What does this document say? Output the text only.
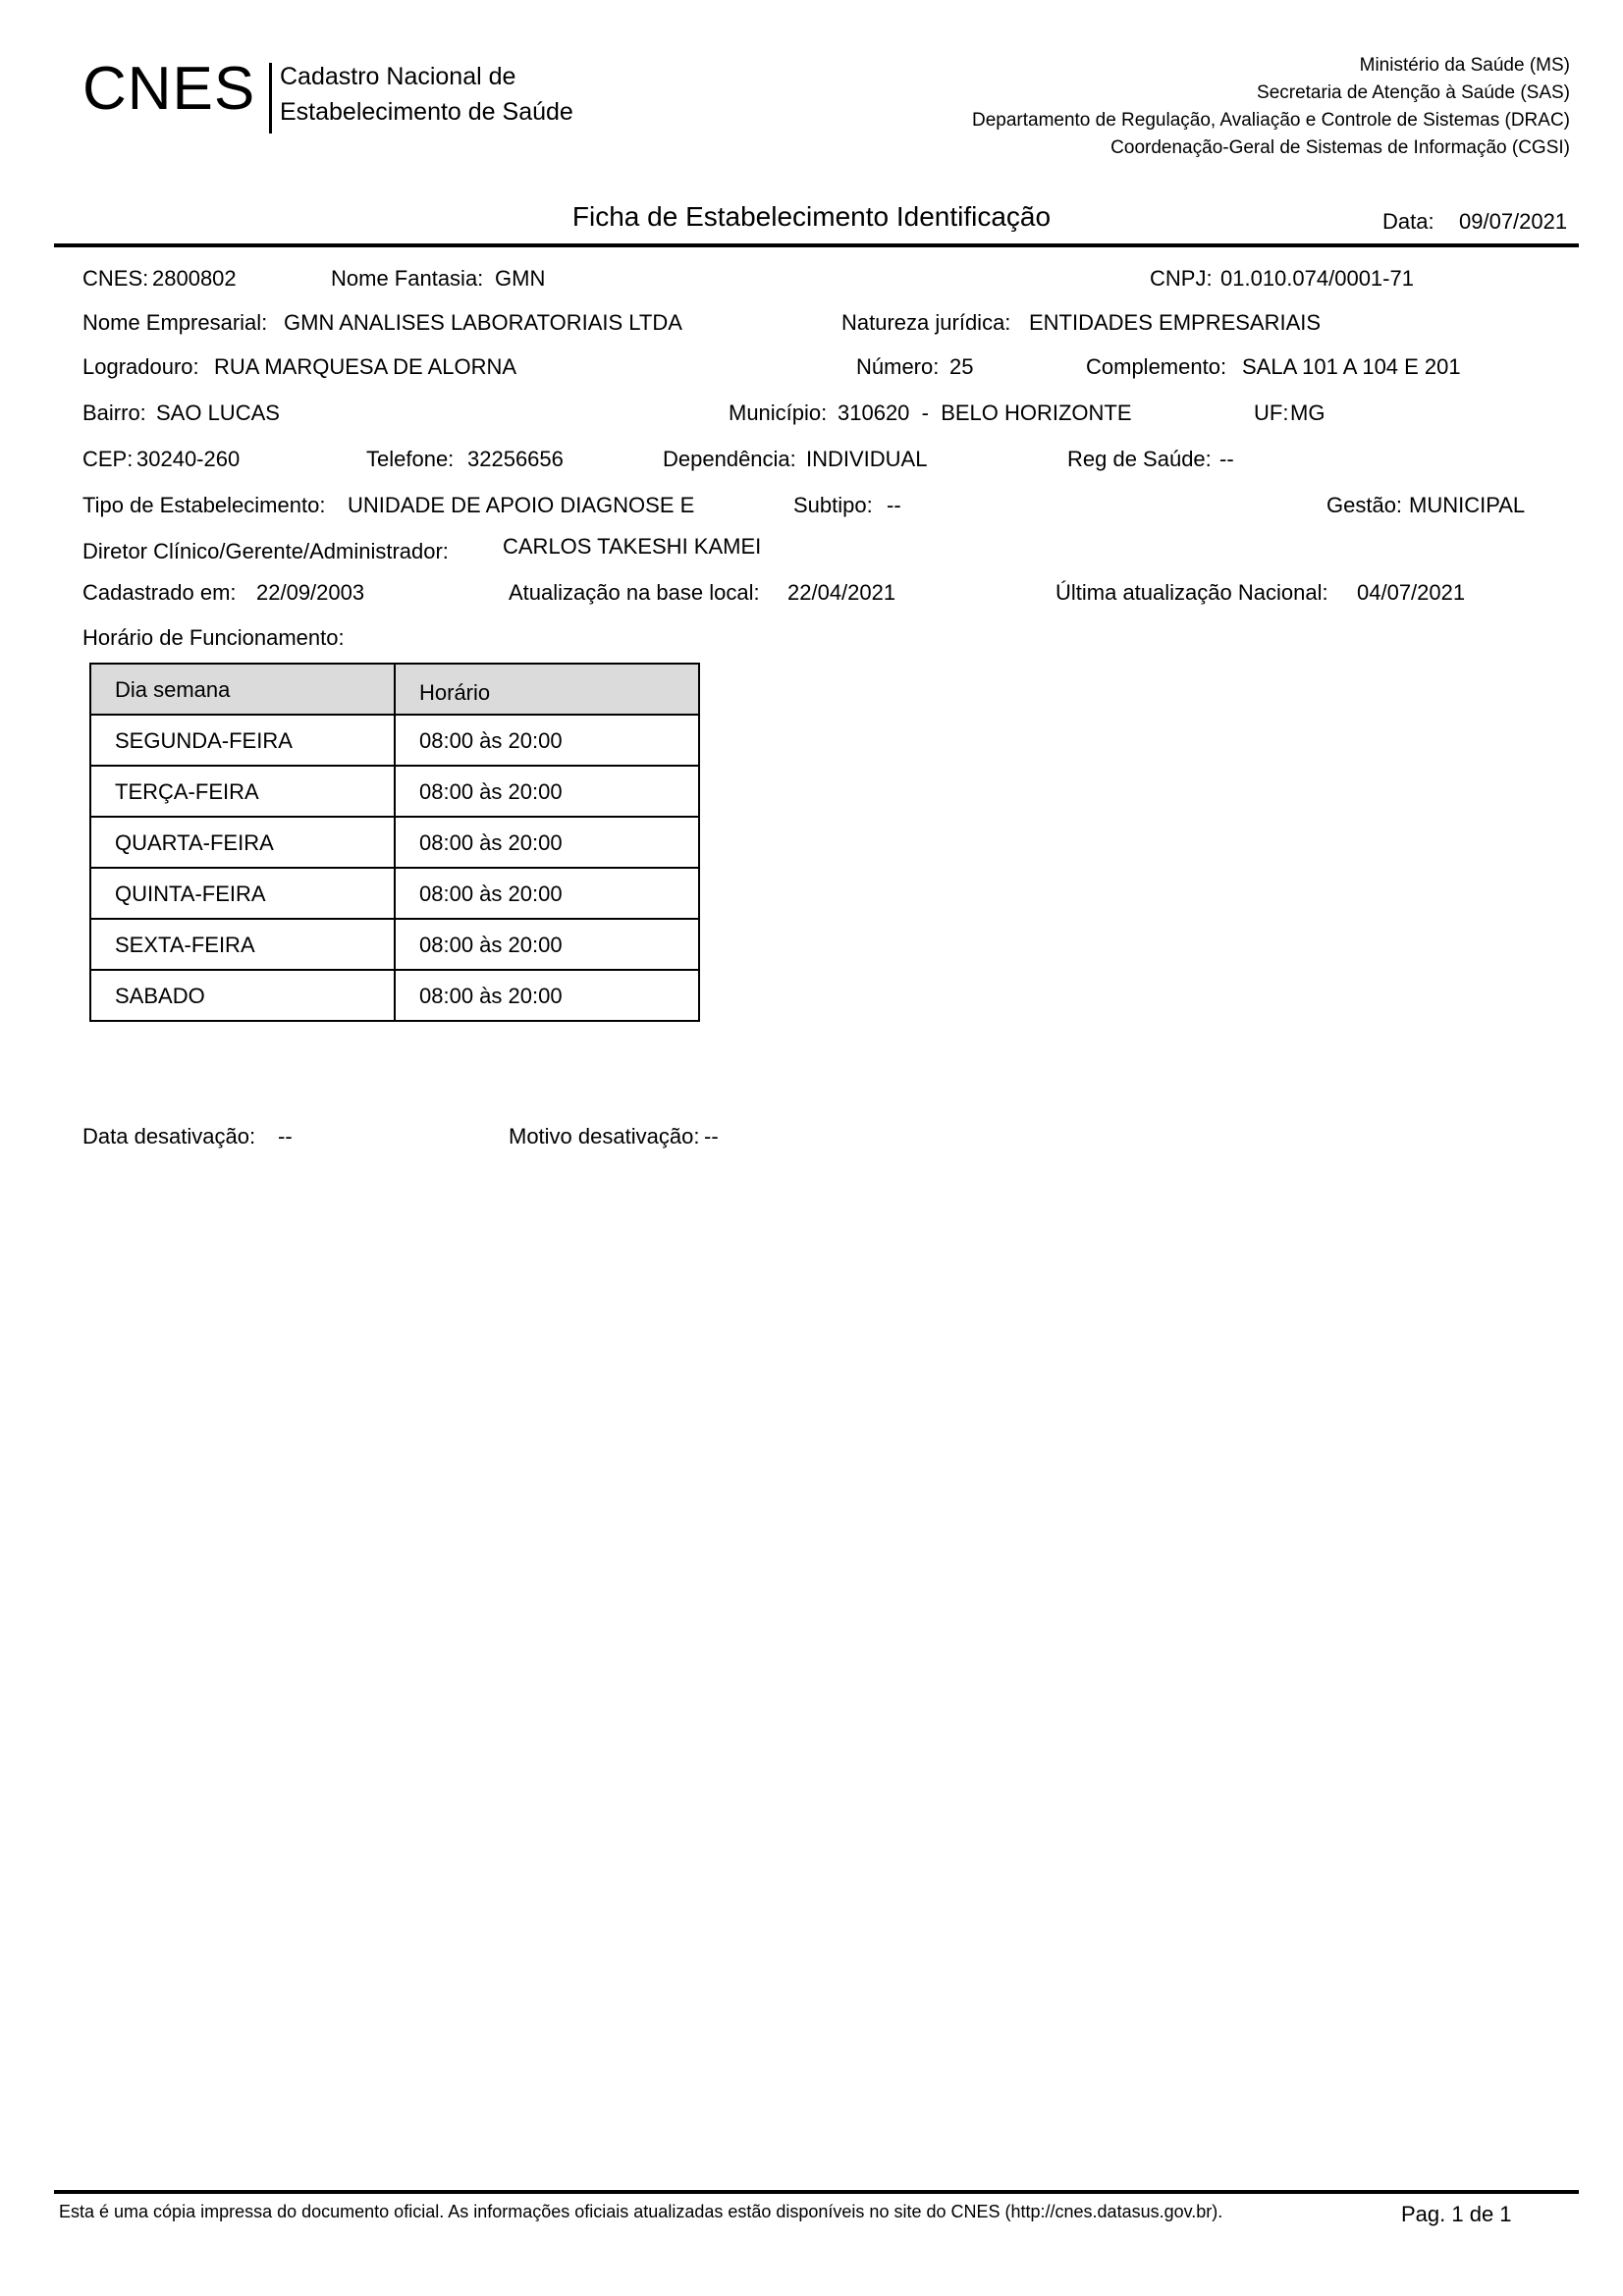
CNES Cadastro Nacional de
Estabelecimento de Saúde
Ministério da Saúde (MS)
Secretaria de Atenção à Saúde (SAS)
Departamento de Regulação, Avaliação e Controle de Sistemas (DRAC)
Coordenação-Geral de Sistemas de Informação (CGSI)
Ficha de Estabelecimento Identificação	Data: 09/07/2021
CNES: 2800802	Nome Fantasia: GMN	CNPJ: 01.010.074/0001-71
Nome Empresarial: GMN ANALISES LABORATORIAIS LTDA	Natureza jurídica: ENTIDADES EMPRESARIAIS
Logradouro: RUA MARQUESA DE ALORNA	Número: 25	Complemento: SALA 101 A 104 E 201
Bairro: SAO LUCAS	Município: 310620  -  BELO HORIZONTE	UF: MG
CEP: 30240-260	Telefone: 32256656	Dependência: INDIVIDUAL	Reg de Saúde: --
Tipo de Estabelecimento: UNIDADE DE APOIO DIAGNOSE E	Subtipo: --	Gestão: MUNICIPAL
Diretor Clínico/Gerente/Administrador:	CARLOS TAKESHI KAMEI
Cadastrado em: 22/09/2003	Atualização na base local: 22/04/2021	Última atualização Nacional: 04/07/2021
Horário de Funcionamento:
Dia semana	Horário
SEGUNDA-FEIRA	08:00 às 20:00
TERÇA-FEIRA	08:00 às 20:00
QUARTA-FEIRA	08:00 às 20:00
QUINTA-FEIRA	08:00 às 20:00
SEXTA-FEIRA	08:00 às 20:00
SABADO	08:00 às 20:00
Data desativação: --	Motivo desativação: --
Esta é uma cópia impressa do documento oficial. As informações oficiais atualizadas estão disponíveis no site do CNES (http://cnes.datasus.gov.br).	Pag. 1 de 1
